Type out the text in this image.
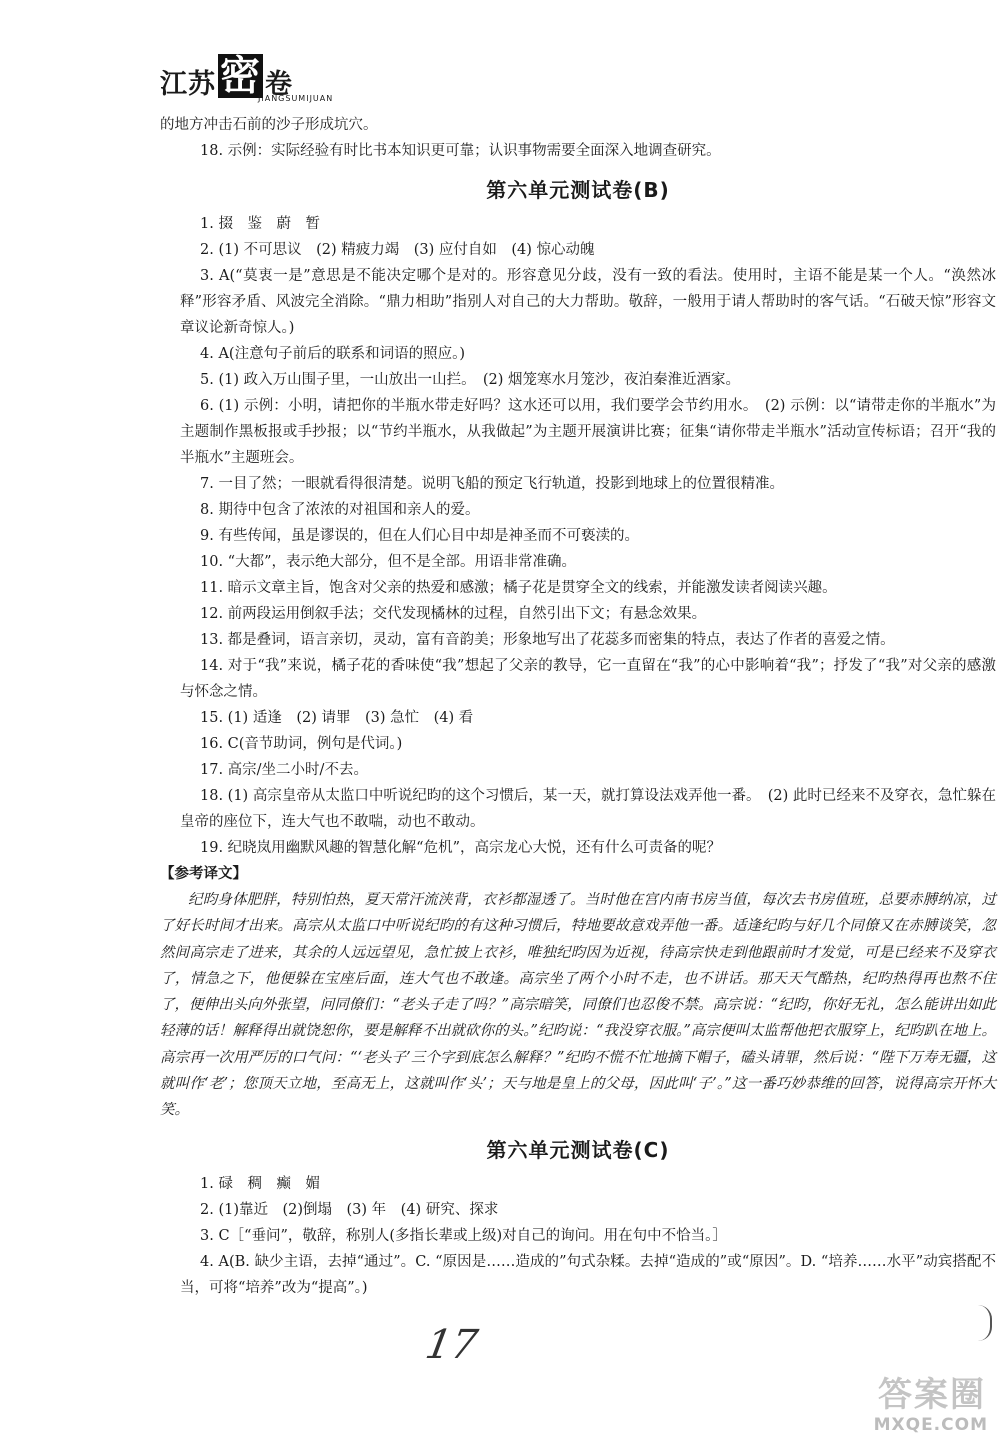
江苏 密 卷
JIANGSUMIJUAN

的地方冲击石前的沙子形成坑穴。

18. 示例：实际经验有时比书本知识更可靠；认识事物需要全面深入地调查研究。

第六单元测试卷(B)

1. 掇　鉴　蔚　暂

2. (1) 不可思议　(2) 精疲力竭　(3) 应付自如　(4) 惊心动魄

3. A(“莫衷一是”意思是不能决定哪个是对的。形容意见分歧，没有一致的看法。使用时，主语不能是某一个人。“涣然冰释”形容矛盾、风波完全消除。“鼎力相助”指别人对自己的大力帮助。敬辞，一般用于请人帮助时的客气话。“石破天惊”形容文章议论新奇惊人。)

4. A(注意句子前后的联系和词语的照应。)

5. (1) 政入万山围子里，一山放出一山拦。　(2) 烟笼寒水月笼沙，夜泊秦淮近酒家。

6. (1) 示例：小明，请把你的半瓶水带走好吗？这水还可以用，我们要学会节约用水。　(2) 示例：以“请带走你的半瓶水”为主题制作黑板报或手抄报；以“节约半瓶水，从我做起”为主题开展演讲比赛；征集“请你带走半瓶水”活动宣传标语；召开“我的半瓶水”主题班会。

7. 一目了然；一眼就看得很清楚。说明飞船的预定飞行轨道，投影到地球上的位置很精准。

8. 期待中包含了浓浓的对祖国和亲人的爱。

9. 有些传闻，虽是谬误的，但在人们心目中却是神圣而不可亵渎的。

10. “大都”，表示绝大部分，但不是全部。用语非常准确。

11. 暗示文章主旨，饱含对父亲的热爱和感激；橘子花是贯穿全文的线索，并能激发读者阅读兴趣。

12. 前两段运用倒叙手法；交代发现橘林的过程，自然引出下文；有悬念效果。

13. 都是叠词，语言亲切，灵动，富有音韵美；形象地写出了花蕊多而密集的特点，表达了作者的喜爱之情。

14. 对于“我”来说，橘子花的香味使“我”想起了父亲的教导，它一直留在“我”的心中影响着“我”；抒发了“我”对父亲的感激与怀念之情。

15. (1) 适逢　(2) 请罪　(3) 急忙　(4) 看

16. C(音节助词，例句是代词。)

17. 高宗/坐二小时/不去。

18. (1) 高宗皇帝从太监口中听说纪昀的这个习惯后，某一天，就打算设法戏弄他一番。　(2) 此时已经来不及穿衣，急忙躲在皇帝的座位下，连大气也不敢喘，动也不敢动。

19. 纪晓岚用幽默风趣的智慧化解“危机”，高宗龙心大悦，还有什么可责备的呢？

【参考译文】

纪昀身体肥胖，特别怕热，夏天常汗流浃背，衣衫都湿透了。当时他在宫内南书房当值，每次去书房值班，总要赤膊纳凉，过了好长时间才出来。高宗从太监口中听说纪昀的有这种习惯后，特地要故意戏弄他一番。适逢纪昀与好几个同僚又在赤膊谈笑，忽然间高宗走了进来，其余的人远远望见，急忙披上衣衫，唯独纪昀因为近视，待高宗快走到他跟前时才发觉，可是已经来不及穿衣了，情急之下，他便躲在宝座后面，连大气也不敢逢。高宗坐了两个小时不走，也不讲话。那天天气酷热，纪昀热得再也熬不住了，便伸出头向外张望，问同僚们：“老头子走了吗？”高宗暗笑，同僚们也忍俊不禁。高宗说：“纪昀，你好无礼，怎么能讲出如此轻薄的话！解释得出就饶恕你，要是解释不出就砍你的头。”纪昀说：“我没穿衣服。”高宗便叫太监帮他把衣服穿上，纪昀趴在地上。高宗再一次用严厉的口气问：“‘老头子’三个字到底怎么解释？”纪昀不慌不忙地摘下帽子，磕头请罪，然后说：“陛下万寿无疆，这就叫作‘老’；您顶天立地，至高无上，这就叫作‘头’；天与地是皇上的父母，因此叫‘子’。”这一番巧妙恭维的回答，说得高宗开怀大笑。

第六单元测试卷(C)

1. 碌　稠　癫　媚

2. (1)靠近　(2)倒塌　(3) 年　(4) 研究、探求

3. C［“垂问”，敬辞，称别人(多指长辈或上级)对自己的询问。用在句中不恰当。］

4. A(B. 缺少主语，去掉“通过”。C. “原因是……造成的”句式杂糅。去掉“造成的”或“原因”。D. “培养……水平”动宾搭配不当，可将“培养”改为“提高”。)

17
答案圈
MXQE.COM
